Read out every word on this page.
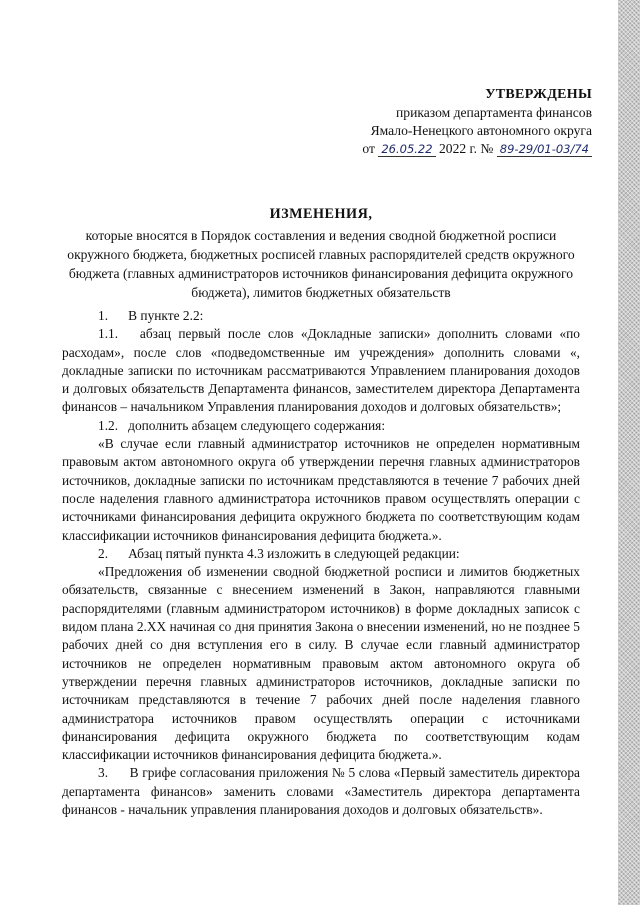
УТВЕРЖДЕНЫ
приказом департамента финансов
Ямало-Ненецкого автономного округа
от 26.05.22 2022 г. № 89-29/01-03/74
ИЗМЕНЕНИЯ,
которые вносятся в Порядок составления и ведения сводной бюджетной росписи окружного бюджета, бюджетных росписей главных распорядителей средств окружного бюджета (главных администраторов источников финансирования дефицита окружного бюджета), лимитов бюджетных обязательств

1.      В пункте 2.2:

1.1.   абзац первый после слов «Докладные записки» дополнить словами «по расходам», после слов «подведомственные им учреждения» дополнить словами «, докладные записки по источникам рассматриваются Управлением планирования доходов и долговых обязательств Департамента финансов, заместителем директора Департамента финансов – начальником Управления планирования доходов и долговых обязательств»;

1.2.   дополнить абзацем следующего содержания:

«В случае если главный администратор источников не определен нормативным правовым актом автономного округа об утверждении перечня главных администраторов источников, докладные записки по источникам представляются в течение 7 рабочих дней после наделения главного администратора источников правом осуществлять операции с источниками финансирования дефицита окружного бюджета по соответствующим кодам классификации источников финансирования дефицита бюджета.».

2.      Абзац пятый пункта 4.3 изложить в следующей редакции:

«Предложения об изменении сводной бюджетной росписи и лимитов бюджетных обязательств, связанные с внесением изменений в Закон, направляются главными распорядителями (главным администратором источников) в форме докладных записок с видом плана 2.ХХ начиная со дня принятия Закона о внесении изменений, но не позднее 5 рабочих дней со дня вступления его в силу. В случае если главный администратор источников не определен нормативным правовым актом автономного округа об утверждении перечня главных администраторов источников, докладные записки по источникам представляются в течение 7 рабочих дней после наделения главного администратора источников правом осуществлять операции с источниками финансирования дефицита окружного бюджета по соответствующим кодам классификации источников финансирования дефицита бюджета.».

3.      В грифе согласования приложения № 5 слова «Первый заместитель директора департамента финансов» заменить словами «Заместитель директора департамента финансов - начальник управления планирования доходов и долговых обязательств».
